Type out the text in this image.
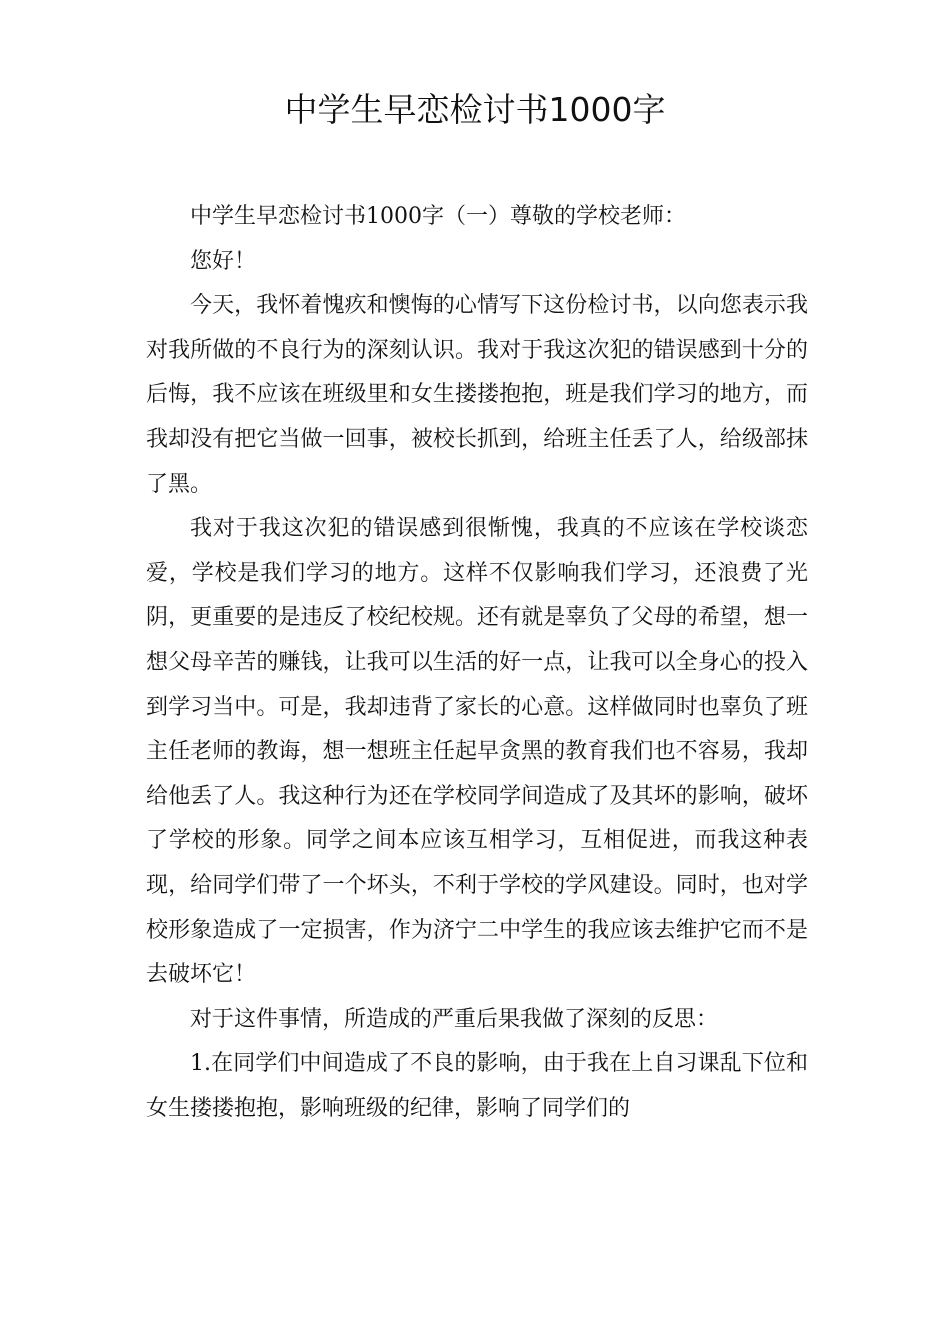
中学生早恋检讨书1000字

中学生早恋检讨书1000字（一）尊敬的学校老师：

您好！

今天，我怀着愧疚和懊悔的心情写下这份检讨书，以向您表示我对我所做的不良行为的深刻认识。我对于我这次犯的错误感到十分的后悔，我不应该在班级里和女生搂搂抱抱，班是我们学习的地方，而我却没有把它当做一回事，被校长抓到，给班主任丢了人，给级部抹了黑。

我对于我这次犯的错误感到很惭愧，我真的不应该在学校谈恋爱，学校是我们学习的地方。这样不仅影响我们学习，还浪费了光阴，更重要的是违反了校纪校规。还有就是辜负了父母的希望，想一想父母辛苦的赚钱，让我可以生活的好一点，让我可以全身心的投入到学习当中。可是，我却违背了家长的心意。这样做同时也辜负了班主任老师的教诲，想一想班主任起早贪黑的教育我们也不容易，我却给他丢了人。我这种行为还在学校同学间造成了及其坏的影响，破坏了学校的形象。同学之间本应该互相学习，互相促进，而我这种表现，给同学们带了一个坏头，不利于学校的学风建设。同时，也对学校形象造成了一定损害，作为济宁二中学生的我应该去维护它而不是去破坏它！

对于这件事情，所造成的严重后果我做了深刻的反思：

1.在同学们中间造成了不良的影响，由于我在上自习课乱下位和女生搂搂抱抱，影响班级的纪律，影响了同学们的
